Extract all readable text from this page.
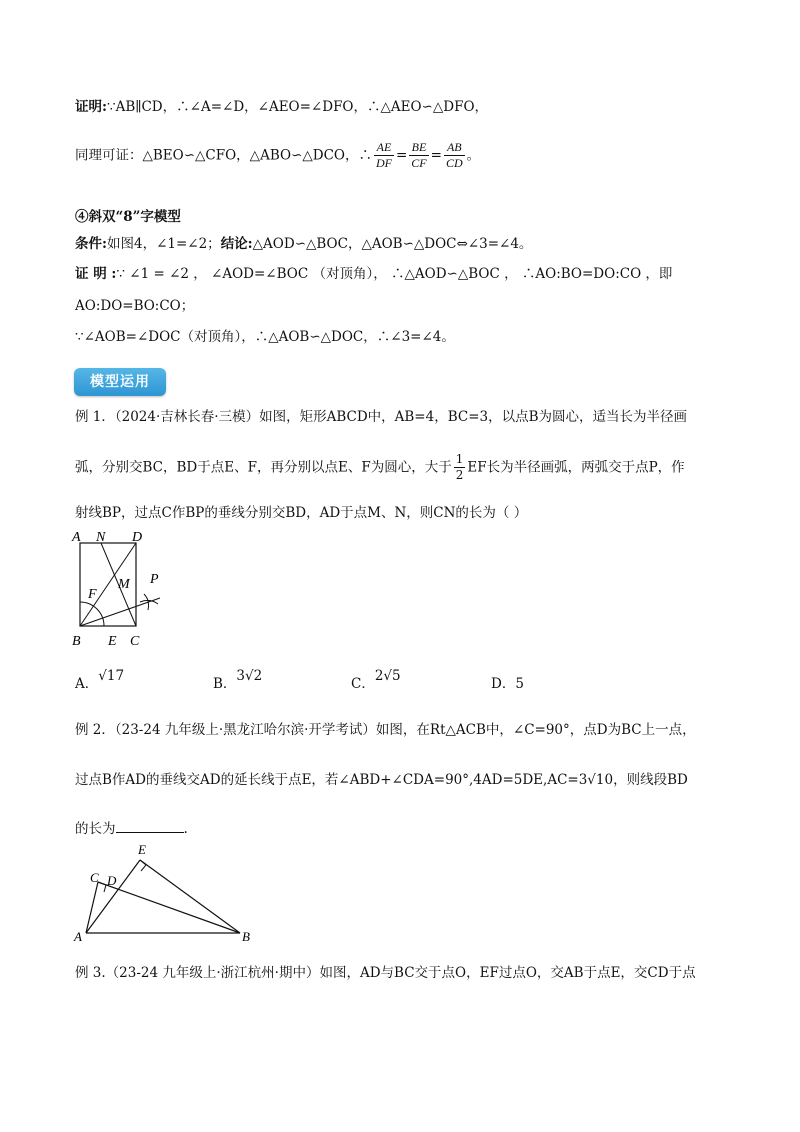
证明:∵AB∥CD，∴∠A=∠D，∠AEO=∠DFO，∴△AEO∽△DFO，
同理可证：△BEO∽△CFO，△ABO∽△DCO，∴ $\frac{AE}{DF} = \frac{BE}{CF} = \frac{AB}{CD}$ 。
④斜双“8”字模型
条件:如图4，∠1=∠2；结论:△AOD∽△BOC，△AOB∽△DOC⇔∠3=∠4。
证 明 :∵ ∠1 = ∠2 ， ∠AOD=∠BOC （对顶角）， ∴△AOD∽△BOC ， ∴AO:BO=DO:CO ，即
AO:DO=BO:CO；
∵∠AOB=∠DOC（对顶角），∴△AOB∽△DOC，∴∠3=∠4。
模型运用
例 1．（2024·吉林长春·三模）如图，矩形ABCD中，AB=4，BC=3，以点B为圆心，适当长为半径画
弧，分别交BC，BD于点E、F，再分别以点E、F为圆心，大于 $\frac{1}{2}$ EF长为半径画弧，两弧交于点P，作
射线BP，过点C作BP的垂线分别交BD，AD于点M、N，则CN的长为（ ）
A N D
F
M P
B E C
A．√17	B．3√2	C．2√5	D．5
例 2．（23-24 九年级上·黑龙江哈尔滨·开学考试）如图，在Rt△ACB中，∠C=90°，点D为BC上一点，
过点B作AD的垂线交AD的延长线于点E，若∠ABD+∠CDA=90°,4AD=5DE,AC=3√10，则线段BD
的长为	.
E
C D
A	B
例 3.（23-24 九年级上·浙江杭州·期中）如图，AD与BC交于点O，EF过点O，交AB于点E，交CD于点
